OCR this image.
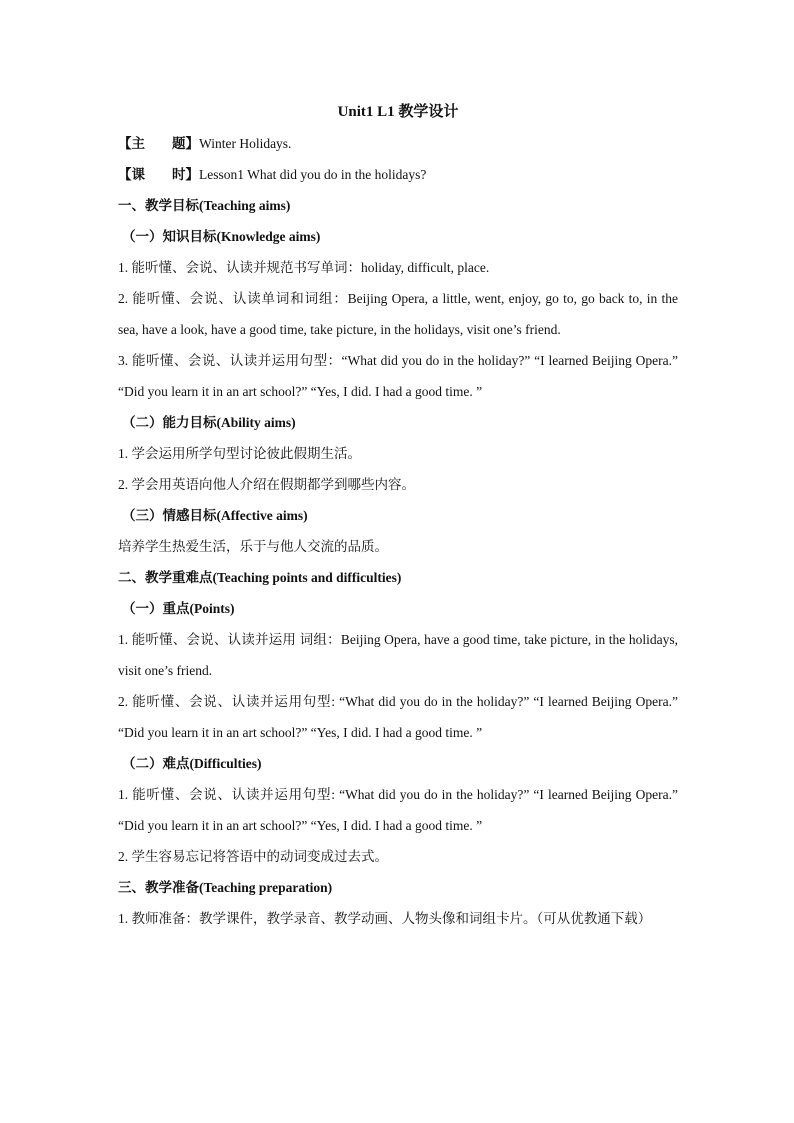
Unit1 L1 教学设计

【主　　题】Winter Holidays.

【课　　时】Lesson1 What did you do in the holidays?

一、教学目标(Teaching aims)

（一）知识目标(Knowledge aims)

1. 能听懂、会说、认读并规范书写单词：holiday, difficult, place.

2. 能听懂、会说、认读单词和词组：Beijing Opera, a little, went, enjoy, go to, go back to, in the sea, have a look, have a good time, take picture, in the holidays, visit one’s friend.

3. 能听懂、会说、认读并运用句型：“What did you do in the holiday?” “I learned Beijing Opera.” “Did you learn it in an art school?” “Yes, I did. I had a good time. ”

（二）能力目标(Ability aims)

1. 学会运用所学句型讨论彼此假期生活。

2. 学会用英语向他人介绍在假期都学到哪些内容。

（三）情感目标(Affective aims)

培养学生热爱生活，乐于与他人交流的品质。

二、教学重难点(Teaching points and difficulties)

（一）重点(Points)

1. 能听懂、会说、认读并运用 词组：Beijing Opera, have a good time, take picture, in the holidays, visit one’s friend.

2. 能听懂、会说、认读并运用句型: “What did you do in the holiday?” “I learned Beijing Opera.” “Did you learn it in an art school?” “Yes, I did. I had a good time. ”

（二）难点(Difficulties)

1. 能听懂、会说、认读并运用句型: “What did you do in the holiday?” “I learned Beijing Opera.” “Did you learn it in an art school?” “Yes, I did. I had a good time. ”

2. 学生容易忘记将答语中的动词变成过去式。

三、教学准备(Teaching preparation)

1. 教师准备：教学课件，教学录音、教学动画、人物头像和词组卡片。（可从优教通下载）
